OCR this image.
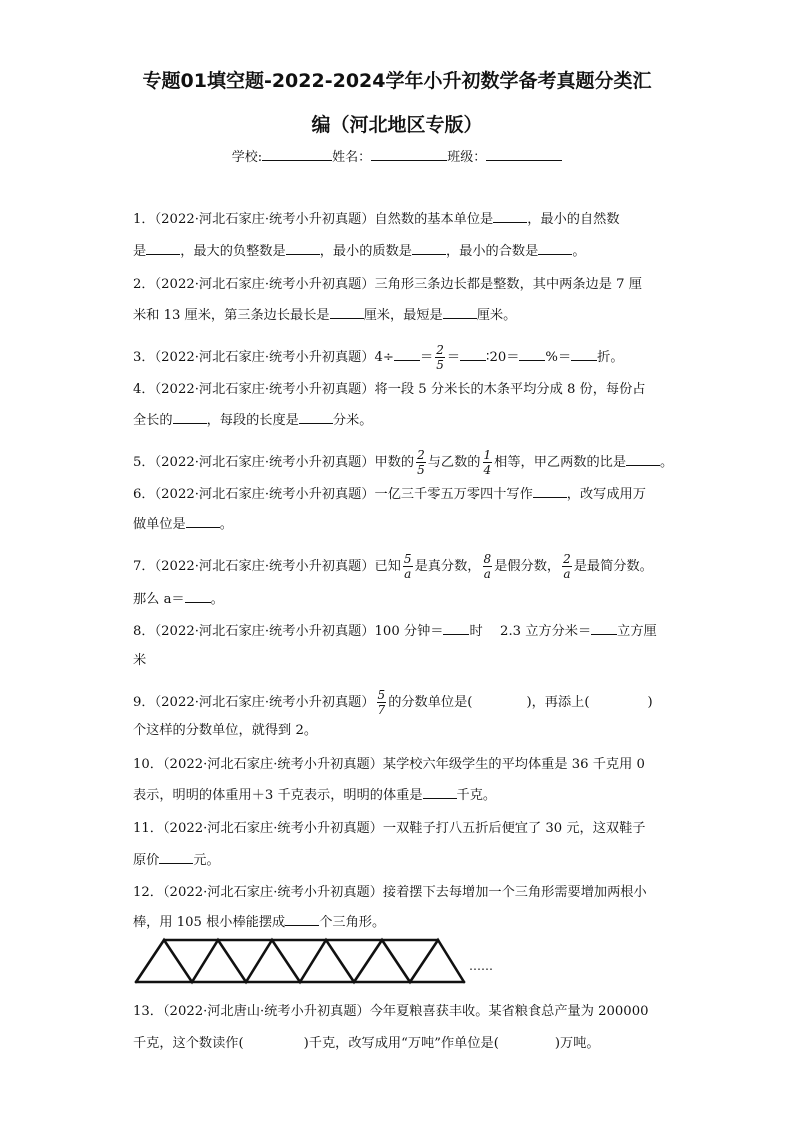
专题01填空题-2022-2024学年小升初数学备考真题分类汇
编（河北地区专版）
学校:	姓名：	班级：
1．（2022·河北石家庄·统考小升初真题）自然数的基本单位是	，最小的自然数
是	，最大的负整数是	，最小的质数是	，最小的合数是	。
2．（2022·河北石家庄·统考小升初真题）三角形三条边长都是整数，其中两条边是 7 厘
米和 13 厘米，第三条边长最长是	厘米，最短是	厘米。
3．（2022·河北石家庄·统考小升初真题）$4\div = \frac{2}{5}$ ＝ ∶20＝ %＝ 折。
4．（2022·河北石家庄·统考小升初真题）将一段 5 分米长的木条平均分成 8 份，每份占
全长的	，每段的长度是	分米。
5．（2022·河北石家庄·统考小升初真题）甲数的 $\frac{2}{5}$ 与乙数的 $\frac{1}{4}$ 相等，甲乙两数的比是	。
6．（2022·河北石家庄·统考小升初真题）一亿三千零五万零四十写作	，改写成用万
做单位是	。
7．（2022·河北石家庄·统考小升初真题）已知 $\frac{5}{a}$ 是真分数， $\frac{8}{a}$ 是假分数， $\frac{2}{a}$ 是最简分数。
那么 a＝ 。
8．（2022·河北石家庄·统考小升初真题）100 分钟＝ 时　 2.3 立方分米＝ 立方厘
米
9．（2022·河北石家庄·统考小升初真题） $\frac{5}{7}$ 的分数单位是(	)，再添上(	)
个这样的分数单位，就得到 2。
10．（2022·河北石家庄·统考小升初真题）某学校六年级学生的平均体重是 36 千克用 0
表示，明明的体重用＋3 千克表示，明明的体重是	千克。
11．（2022·河北石家庄·统考小升初真题）一双鞋子打八五折后便宜了 30 元，这双鞋子
原价	元。
12．（2022·河北石家庄·统考小升初真题）接着摆下去每增加一个三角形需要增加两根小
棒，用 105 根小棒能摆成	个三角形。
……
13．（2022·河北唐山·统考小升初真题）今年夏粮喜获丰收。某省粮食总产量为 200000
千克，这个数读作(	)千克，改写成用“万吨”作单位是(	)万吨。
